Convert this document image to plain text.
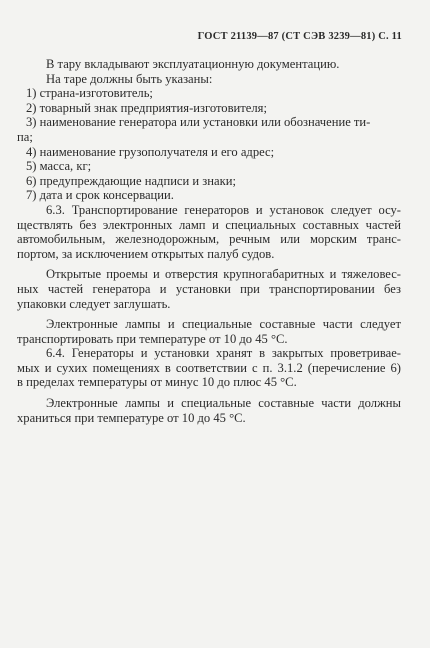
ГОСТ 21139—87 (СТ СЭВ 3239—81) С. 11
В тару вкладывают эксплуатационную документацию.
На таре должны быть указаны:
1) страна-изготовитель;
2) товарный знак предприятия-изготовителя;
3) наименование генератора или установки или обозначение ти-
па;
4) наименование грузополучателя и его адрес;
5) масса, кг;
6) предупреждающие надписи и знаки;
7) дата и срок консервации.
6.3. Транспортирование генераторов и установок следует осу-
ществлять без электронных ламп и специальных составных частей
автомобильным, железнодорожным, речным или морским транс-
портом, за исключением открытых палуб судов.
Открытые проемы и отверстия крупногабаритных и тяжеловес-
ных частей генератора и установки при транспортировании без
упаковки следует заглушать.
Электронные лампы и специальные составные части следует
транспортировать при температуре от 10 до 45 °С.
6.4. Генераторы и установки хранят в закрытых проветривае-
мых и сухих помещениях в соответствии с п. 3.1.2 (перечисление 6)
в пределах температуры от минус 10 до плюс 45 °С.
Электронные лампы и специальные составные части должны
храниться при температуре от 10 до 45 °С.
